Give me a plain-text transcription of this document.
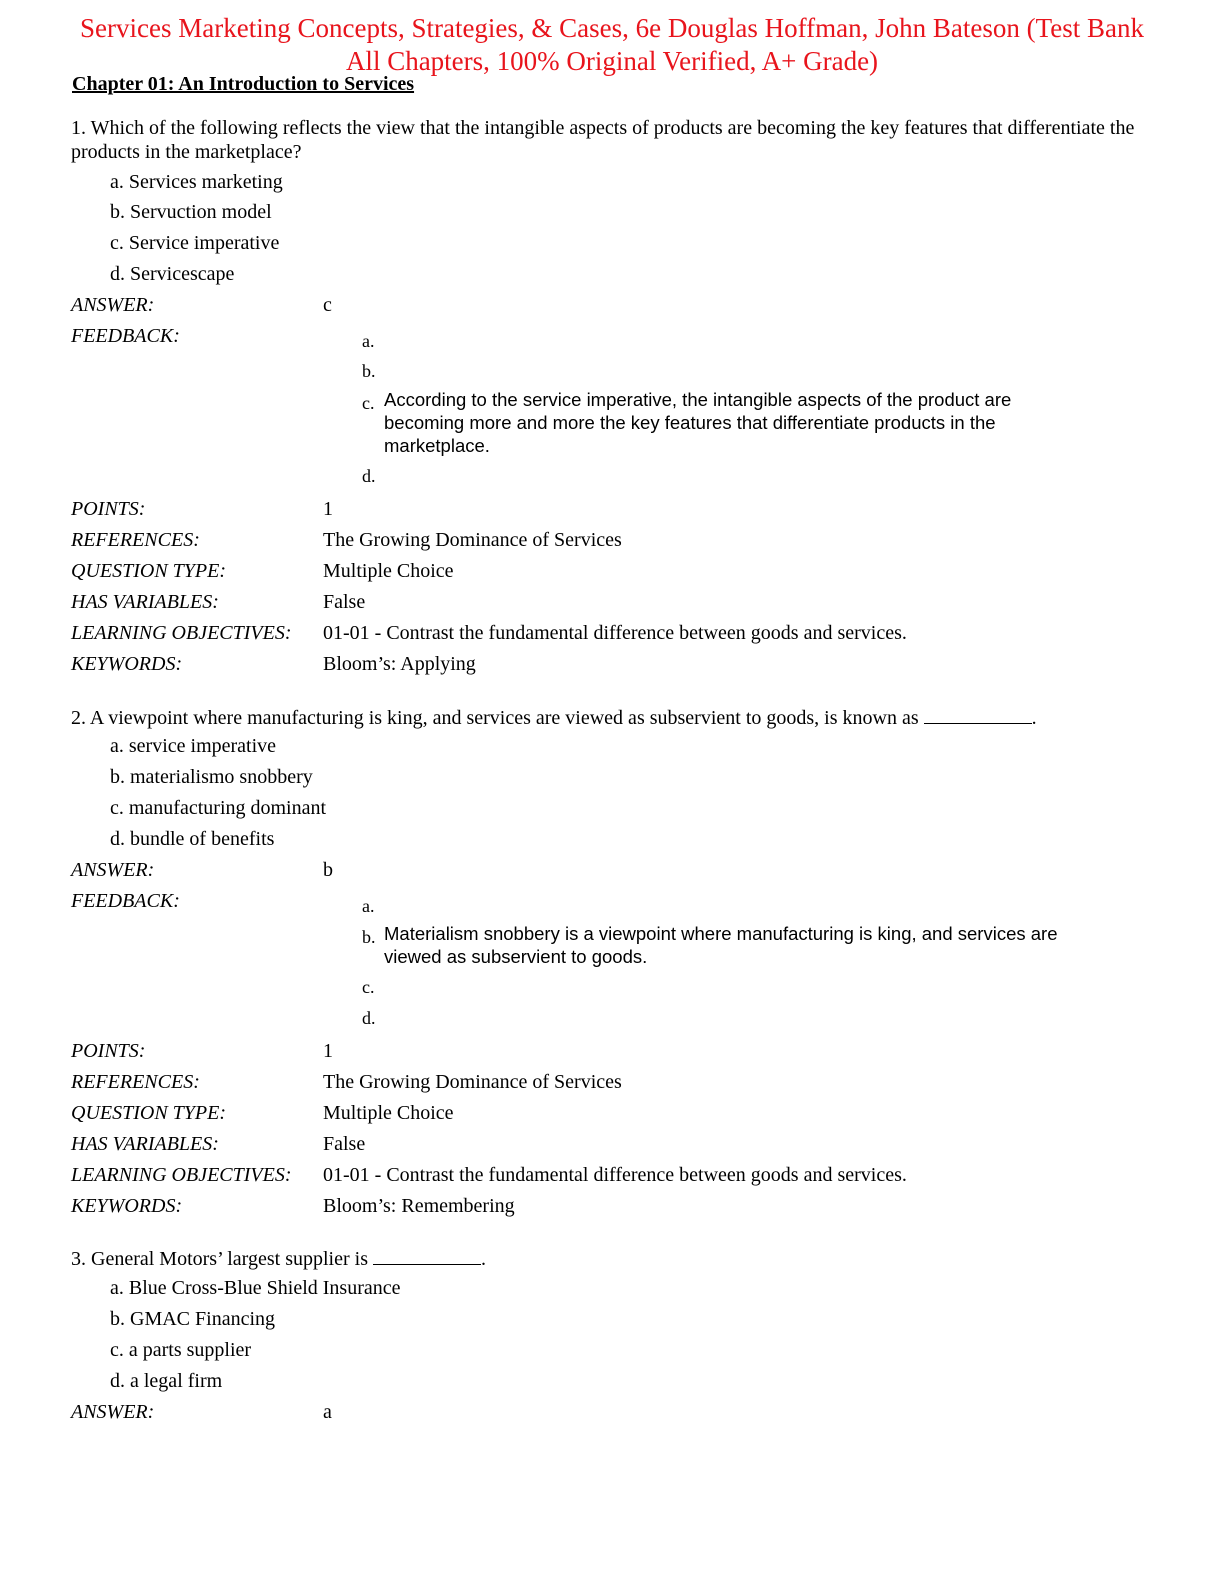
Services Marketing Concepts, Strategies, & Cases, 6e Douglas Hoffman, John Bateson (Test Bank
All Chapters, 100% Original Verified, A+ Grade)
Chapter 01: An Introduction to Services
1. Which of the following reflects the view that the intangible aspects of products are becoming the key features that differentiate the products in the marketplace?
a. Services marketing
b. Servuction model
c. Service imperative
d. Servicescape
ANSWER:	c
FEEDBACK:	a.
b.
c. According to the service imperative, the intangible aspects of the product are becoming more and more the key features that differentiate products in the marketplace.
d.
POINTS:	1
REFERENCES:	The Growing Dominance of Services
QUESTION TYPE:	Multiple Choice
HAS VARIABLES:	False
LEARNING OBJECTIVES: 01-01 - Contrast the fundamental difference between goods and services.
KEYWORDS:	Bloom’s: Applying
2. A viewpoint where manufacturing is king, and services are viewed as subservient to goods, is known as	.
a. service imperative
b. materialismo snobbery
c. manufacturing dominant
d. bundle of benefits
ANSWER:	b
FEEDBACK:	a.
b. Materialism snobbery is a viewpoint where manufacturing is king, and services are viewed as subservient to goods.
c.
d.
POINTS:	1
REFERENCES:	The Growing Dominance of Services
QUESTION TYPE:	Multiple Choice
HAS VARIABLES:	False
LEARNING OBJECTIVES: 01-01 - Contrast the fundamental difference between goods and services.
KEYWORDS:	Bloom’s: Remembering
3. General Motors’ largest supplier is	.
a. Blue Cross-Blue Shield Insurance
b. GMAC Financing
c. a parts supplier
d. a legal firm
ANSWER:	a
